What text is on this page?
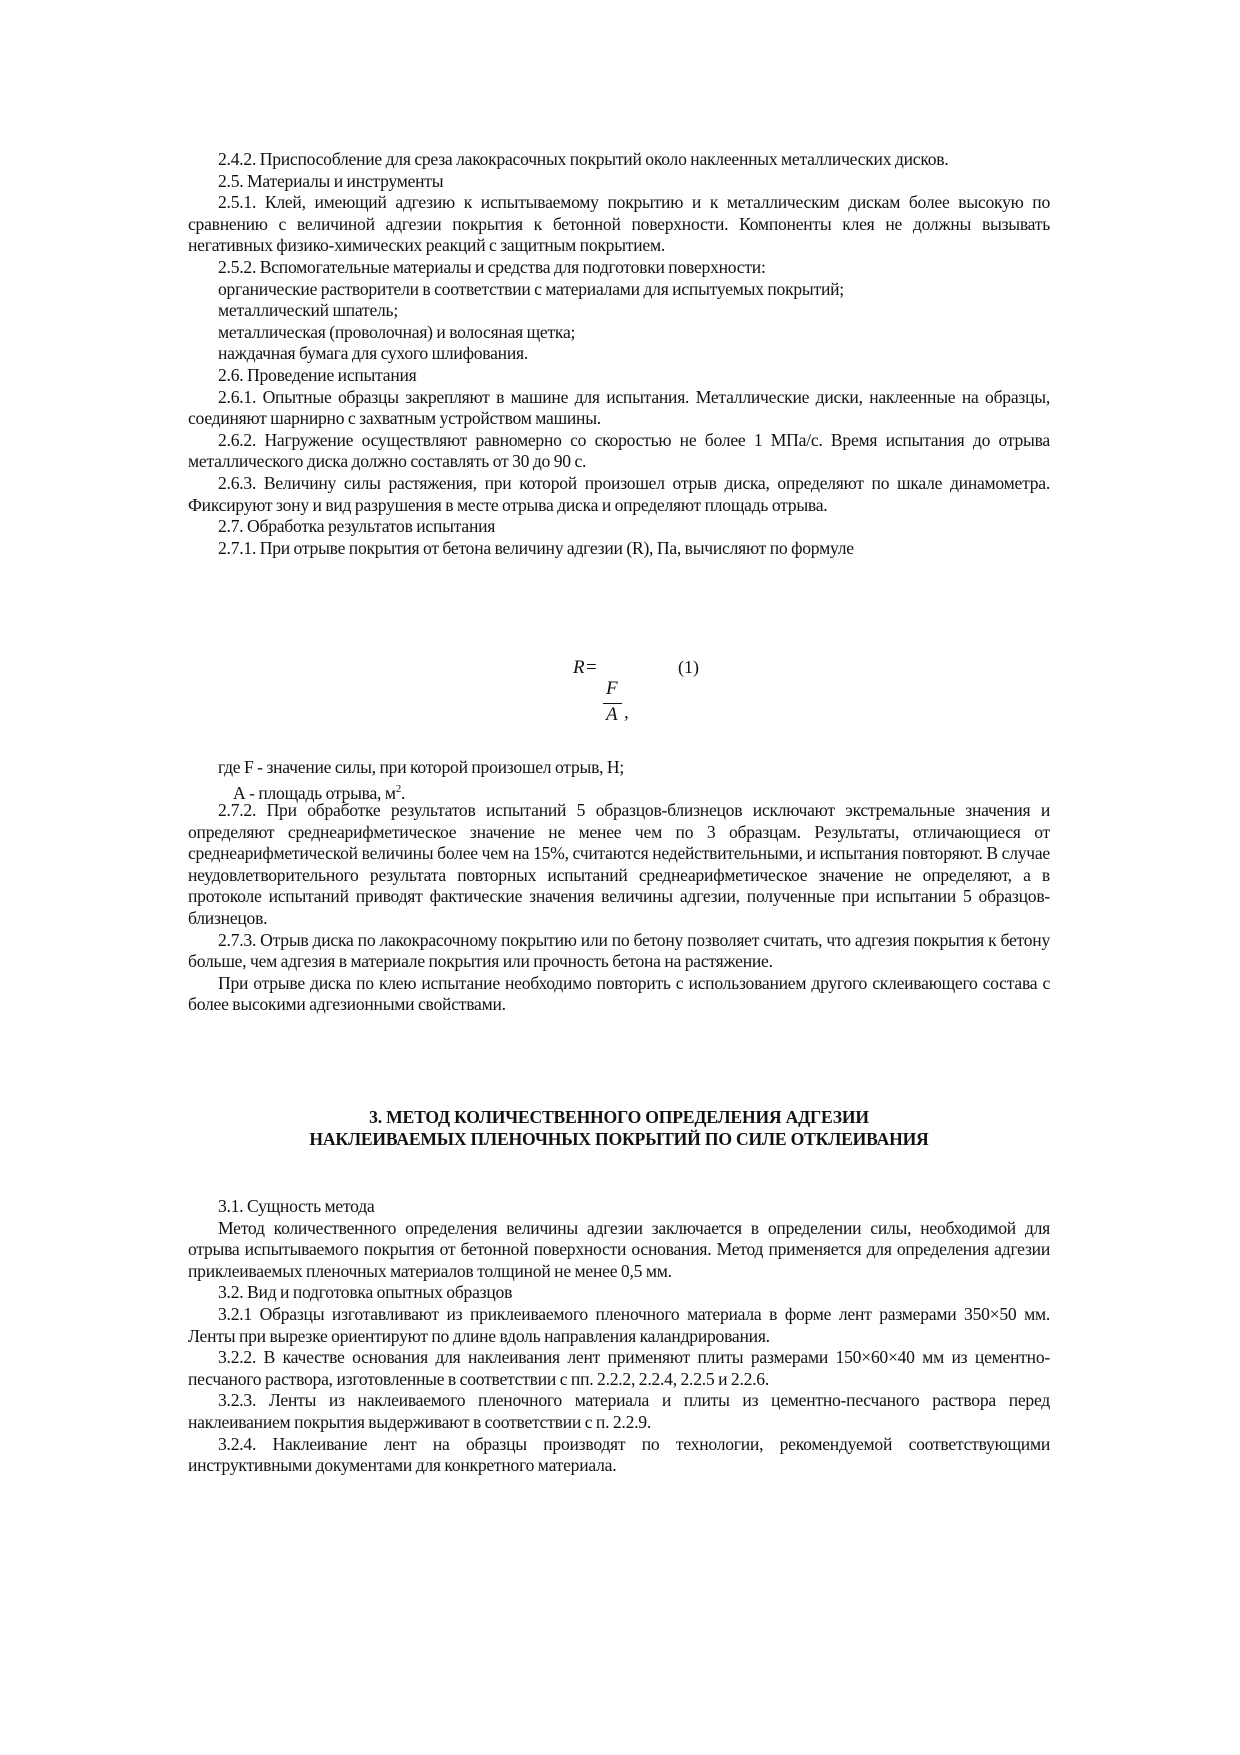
2.4.2. Приспособление для среза лакокрасочных покрытий около наклеенных металлических дисков.

2.5. Материалы и инструменты

2.5.1. Клей, имеющий адгезию к испытываемому покрытию и к металлическим дискам более высокую по сравнению с величиной адгезии покрытия к бетонной поверхности. Компоненты клея не должны вызывать негативных физико-химических реакций с защитным покрытием.

2.5.2. Вспомогательные материалы и средства для подготовки поверхности:

органические растворители в соответствии с материалами для испытуемых покрытий;

металлический шпатель;

металлическая (проволочная) и волосяная щетка;

наждачная бумага для сухого шлифования.

2.6. Проведение испытания

2.6.1. Опытные образцы закрепляют в машине для испытания. Металлические диски, наклеенные на образцы, соединяют шарнирно с захватным устройством машины.

2.6.2. Нагружение осуществляют равномерно со скоростью не более 1 МПа/с. Время испытания до отрыва металлического диска должно составлять от 30 до 90 с.

2.6.3. Величину силы растяжения, при которой произошел отрыв диска, определяют по шкале динамометра. Фиксируют зону и вид разрушения в месте отрыва диска и определяют площадь отрыва.

2.7. Обработка результатов испытания

2.7.1. При отрыве покрытия от бетона величину адгезии (R), Па, вычисляют по формуле

R =	(1)
F
A ,

где F - значение силы, при которой произошел отрыв, Н;

А - площадь отрыва, $м^2$.

2.7.2. При обработке результатов испытаний 5 образцов-близнецов исключают экстремальные значения и определяют среднеарифметическое значение не менее чем по 3 образцам. Результаты, отличающиеся от среднеарифметической величины более чем на 15%, считаются недействительными, и испытания повторяют. В случае неудовлетворительного результата повторных испытаний среднеарифметическое значение не определяют, а в протоколе испытаний приводят фактические значения величины адгезии, полученные при испытании 5 образцов-близнецов.

2.7.3. Отрыв диска по лакокрасочному покрытию или по бетону позволяет считать, что адгезия покрытия к бетону больше, чем адгезия в материале покрытия или прочность бетона на растяжение.

При отрыве диска по клею испытание необходимо повторить с использованием другого склеивающего состава с более высокими адгезионными свойствами.

3. МЕТОД КОЛИЧЕСТВЕННОГО ОПРЕДЕЛЕНИЯ АДГЕЗИИ
НАКЛЕИВАЕМЫХ ПЛЕНОЧНЫХ ПОКРЫТИЙ ПО СИЛЕ ОТКЛЕИВАНИЯ

3.1. Сущность метода

Метод количественного определения величины адгезии заключается в определении силы, необходимой для отрыва испытываемого покрытия от бетонной поверхности основания. Метод применяется для определения адгезии приклеиваемых пленочных материалов толщиной не менее 0,5 мм.

3.2. Вид и подготовка опытных образцов

3.2.1 Образцы изготавливают из приклеиваемого пленочного материала в форме лент размерами 350×50 мм. Ленты при вырезке ориентируют по длине вдоль направления каландрирования.

3.2.2. В качестве основания для наклеивания лент применяют плиты размерами 150×60×40 мм из цементно-песчаного раствора, изготовленные в соответствии с пп. 2.2.2, 2.2.4, 2.2.5 и 2.2.6.

3.2.3. Ленты из наклеиваемого пленочного материала и плиты из цементно-песчаного раствора перед наклеиванием покрытия выдерживают в соответствии с п. 2.2.9.

3.2.4. Наклеивание лент на образцы производят по технологии, рекомендуемой соответствующими инструктивными документами для конкретного материала.
